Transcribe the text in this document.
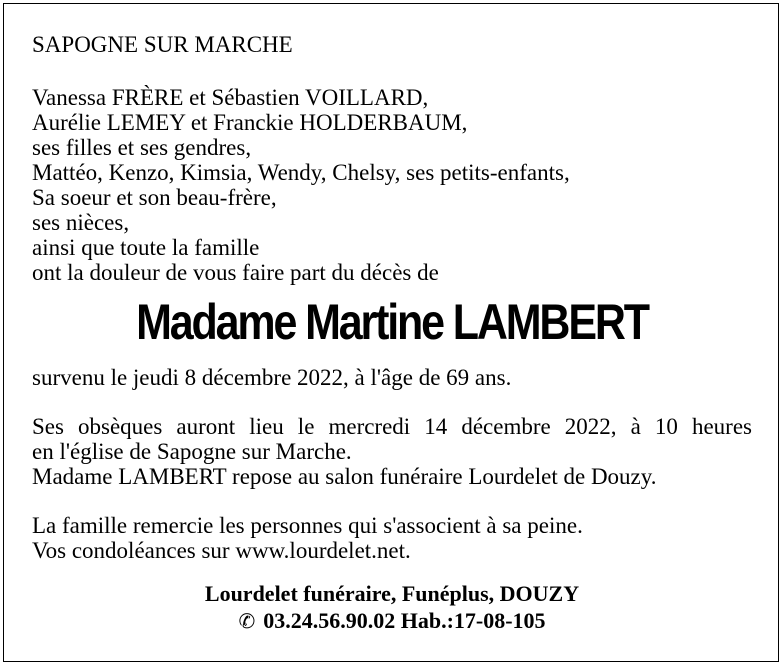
SAPOGNE SUR MARCHE
Vanessa FRÈRE et Sébastien VOILLARD,
Aurélie LEMEY et Franckie HOLDERBAUM,
ses filles et ses gendres,
Mattéo, Kenzo, Kimsia, Wendy, Chelsy, ses petits-enfants,
Sa soeur et son beau-frère,
ses nièces,
ainsi que toute la famille
ont la douleur de vous faire part du décès de
Madame Martine LAMBERT
survenu le jeudi 8 décembre 2022, à l'âge de 69 ans.
Ses obsèques auront lieu le mercredi 14 décembre 2022, à 10 heures
en l'église de Sapogne sur Marche.
Madame LAMBERT repose au salon funéraire Lourdelet de Douzy.
La famille remercie les personnes qui s'associent à sa peine.
Vos condoléances sur www.lourdelet.net.
Lourdelet funéraire, Funéplus, DOUZY
✆ 03.24.56.90.02 Hab.:17-08-105
